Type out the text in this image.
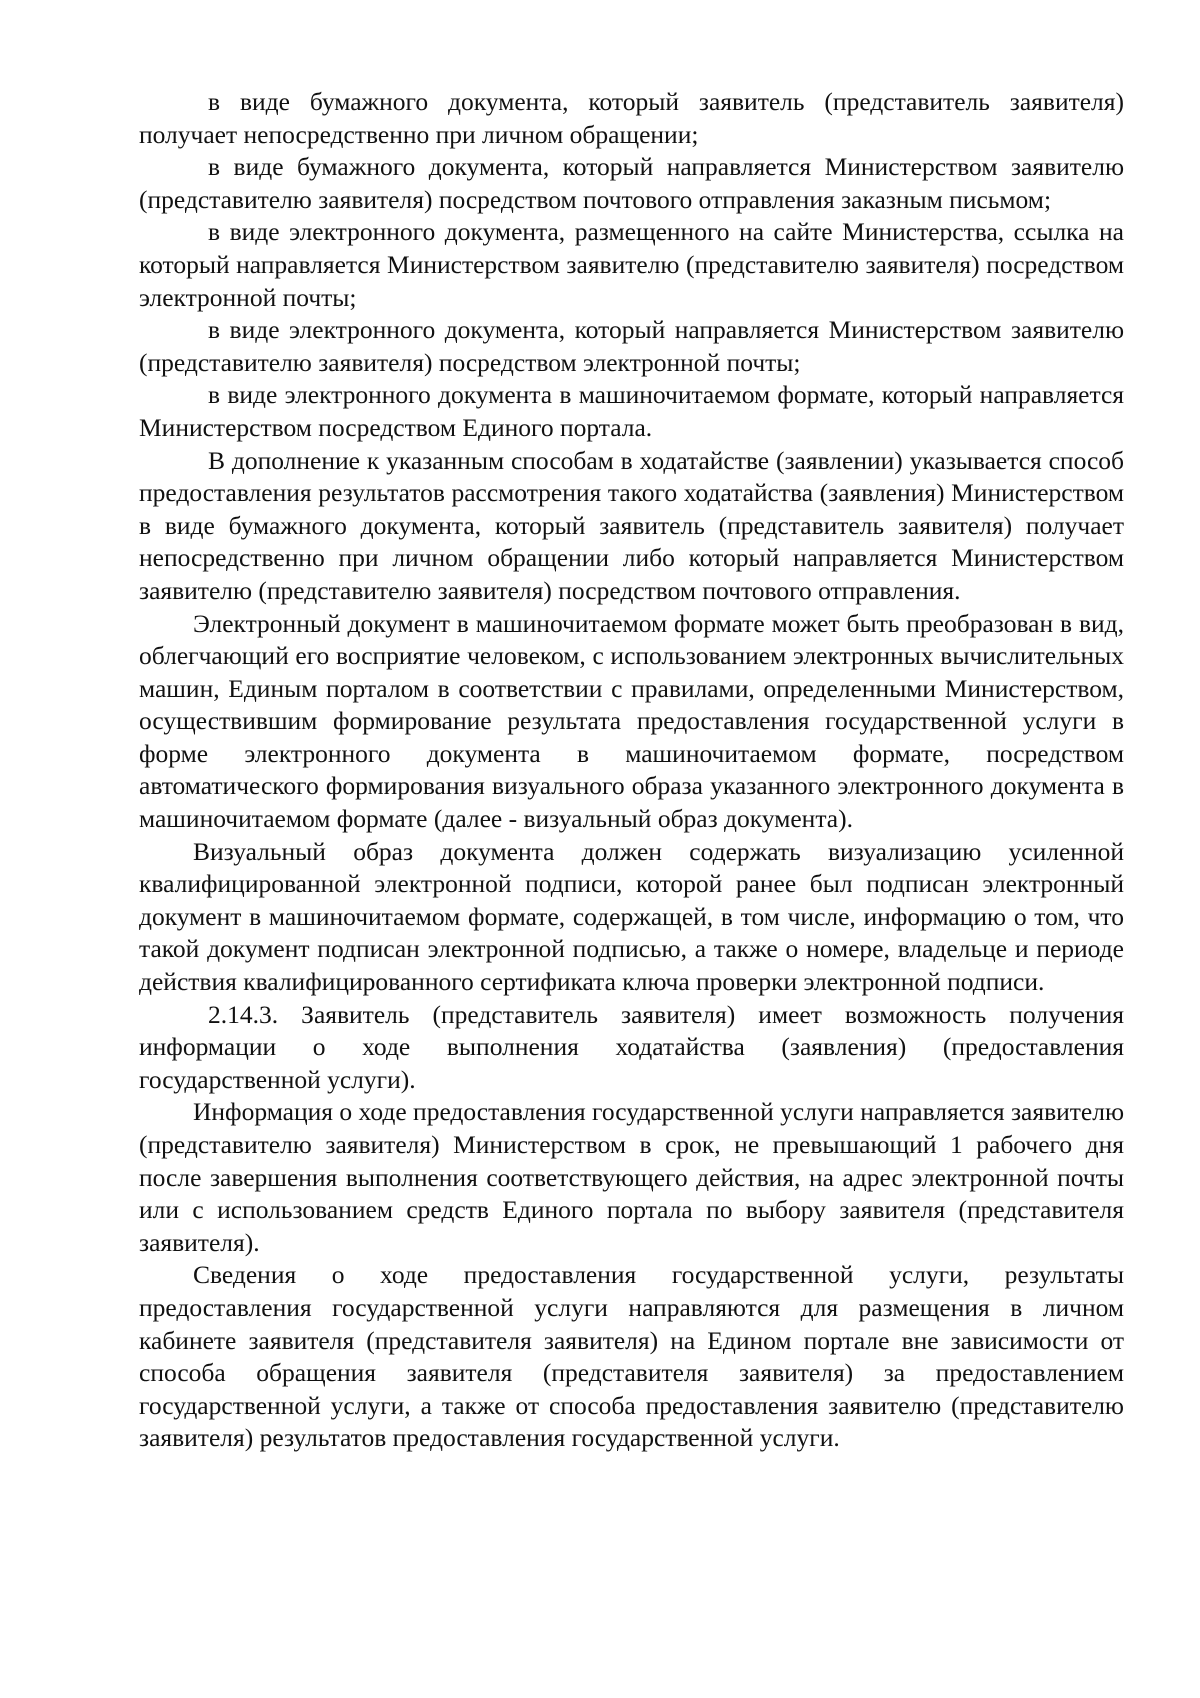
в виде бумажного документа, который заявитель (представитель заявителя) получает непосредственно при личном обращении;

в виде бумажного документа, который направляется Министерством заявителю (представителю заявителя) посредством почтового отправления заказным письмом;

в виде электронного документа, размещенного на сайте Министерства, ссылка на который направляется Министерством заявителю (представителю заявителя) посредством электронной почты;

в виде электронного документа, который направляется Министерством заявителю (представителю заявителя) посредством электронной почты;

в виде электронного документа в машиночитаемом формате, который направляется Министерством посредством Единого портала.

В дополнение к указанным способам в ходатайстве (заявлении) указывается способ предоставления результатов рассмотрения такого ходатайства (заявления) Министерством в виде бумажного документа, который заявитель (представитель заявителя) получает непосредственно при личном обращении либо который направляется Министерством заявителю (представителю заявителя) посредством почтового отправления.

Электронный документ в машиночитаемом формате может быть преобразован в вид, облегчающий его восприятие человеком, с использованием электронных вычислительных машин, Единым порталом в соответствии с правилами, определенными Министерством, осуществившим формирование результата предоставления государственной услуги в форме электронного документа в машиночитаемом формате, посредством автоматического формирования визуального образа указанного электронного документа в машиночитаемом формате (далее - визуальный образ документа).

Визуальный образ документа должен содержать визуализацию усиленной квалифицированной электронной подписи, которой ранее был подписан электронный документ в машиночитаемом формате, содержащей, в том числе, информацию о том, что такой документ подписан электронной подписью, а также о номере, владельце и периоде действия квалифицированного сертификата ключа проверки электронной подписи.

2.14.3. Заявитель (представитель заявителя) имеет возможность получения информации о ходе выполнения ходатайства (заявления) (предоставления государственной услуги).

Информация о ходе предоставления государственной услуги направляется заявителю (представителю заявителя) Министерством в срок, не превышающий 1 рабочего дня после завершения выполнения соответствующего действия, на адрес электронной почты или с использованием средств Единого портала по выбору заявителя (представителя заявителя).

Сведения о ходе предоставления государственной услуги, результаты предоставления государственной услуги направляются для размещения в личном кабинете заявителя (представителя заявителя) на Едином портале вне зависимости от способа обращения заявителя (представителя заявителя) за предоставлением государственной услуги, а также от способа предоставления заявителю (представителю заявителя) результатов предоставления государственной услуги.
